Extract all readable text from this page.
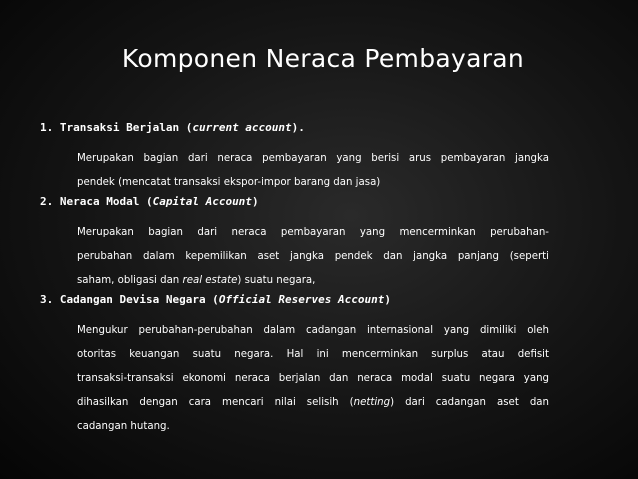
Komponen Neraca Pembayaran
1. Transaksi Berjalan (current account).
Merupakan bagian dari neraca pembayaran yang berisi arus pembayaran jangka
pendek (mencatat transaksi ekspor-impor barang dan jasa)
2. Neraca Modal (Capital Account)
Merupakan bagian dari neraca pembayaran yang mencerminkan perubahan-
perubahan dalam kepemilikan aset jangka pendek dan jangka panjang (seperti
saham, obligasi dan real estate) suatu negara,
3. Cadangan Devisa Negara (Official Reserves Account)
Mengukur perubahan-perubahan dalam cadangan internasional yang dimiliki oleh
otoritas keuangan suatu negara. Hal ini mencerminkan surplus atau defisit
transaksi-transaksi ekonomi neraca berjalan dan neraca modal suatu negara yang
dihasilkan dengan cara mencari nilai selisih (netting) dari cadangan aset dan
cadangan hutang.
